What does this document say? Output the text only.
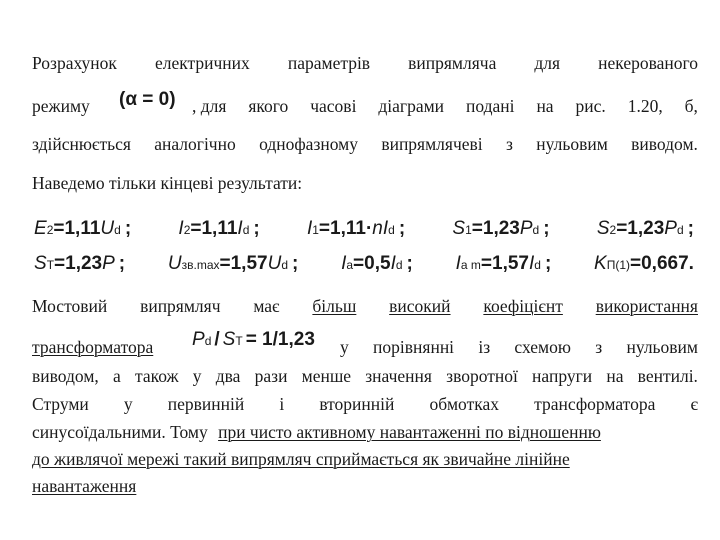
Розрахунок електричних параметрів випрямляча для некерованого
режиму (α = 0) , для якого часові діаграми подані на рис. 1.20, б,
здійснюється аналогічно однофазному випрямлячеві з нульовим виводом.
Наведемо тільки кінцеві результати:
E 2 =1,11 U d ; I 2 =1,11 I d ; I 1 =1,11· nI d ; S 1 =1,23 P d ; S 2 =1,23 P d ;
S T =1,23 P ; U зв.max =1,57 U d ; I a =0,5 I d ; I a m =1,57 I d ; K П(1) =0,667 .
Мостовий випрямляч має більш високий коефіцієнт використання
трансформатора P d / S T = 1/1,23 у порівнянні із схемою з нульовим
виводом, а також у два рази менше значення зворотної напруги на вентилі.
Струми у первинній і вторинній обмотках трансформатора є
синусоїдальними. Тому при чисто активному навантаженні по відношенню
до живлячої мережі такий випрямляч сприймається як звичайне лінійне
навантаження
